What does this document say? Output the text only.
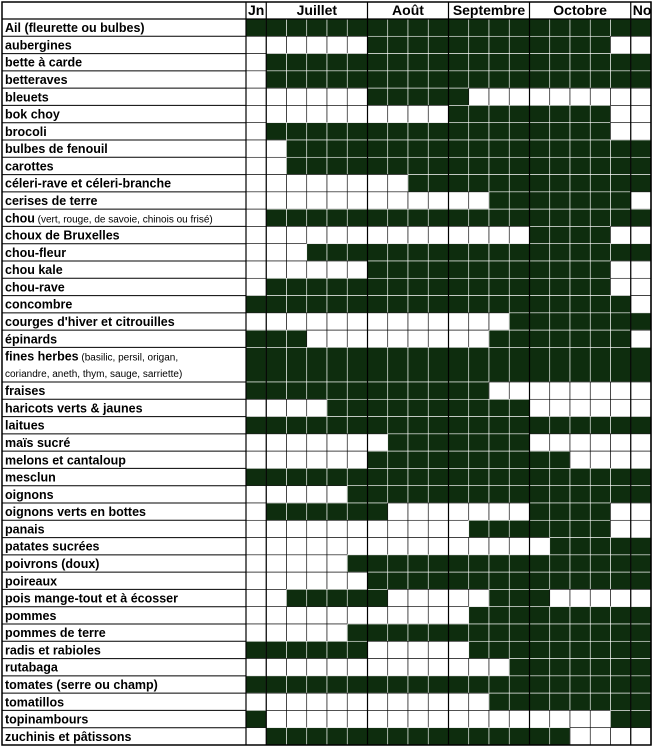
Jn Juillet	Août Septembre Octobre No
Ail (fleurette ou bulbes)
aubergines
bette à carde
betteraves
bleuets
bok choy
brocoli
bulbes de fenouil
carottes
céleri-rave et céleri-branche
cerises de terre
chou (vert, rouge, de savoie, chinois ou frisé)
choux de Bruxelles
chou-fleur
chou kale
chou-rave
concombre
courges d'hiver et citrouilles
épinards
fines herbes (basilic, persil, origan,
coriandre, aneth, thym, sauge, sarriette)
fraises
haricots verts & jaunes
laitues
maïs sucré
melons et cantaloup
mesclun
oignons
oignons verts en bottes
panais
patates sucrées
poivrons (doux)
poireaux
pois mange-tout et à écosser
pommes
pommes de terre
radis et rabioles
rutabaga
tomates (serre ou champ)
tomatillos
topinambours
zuchinis et pâtissons
